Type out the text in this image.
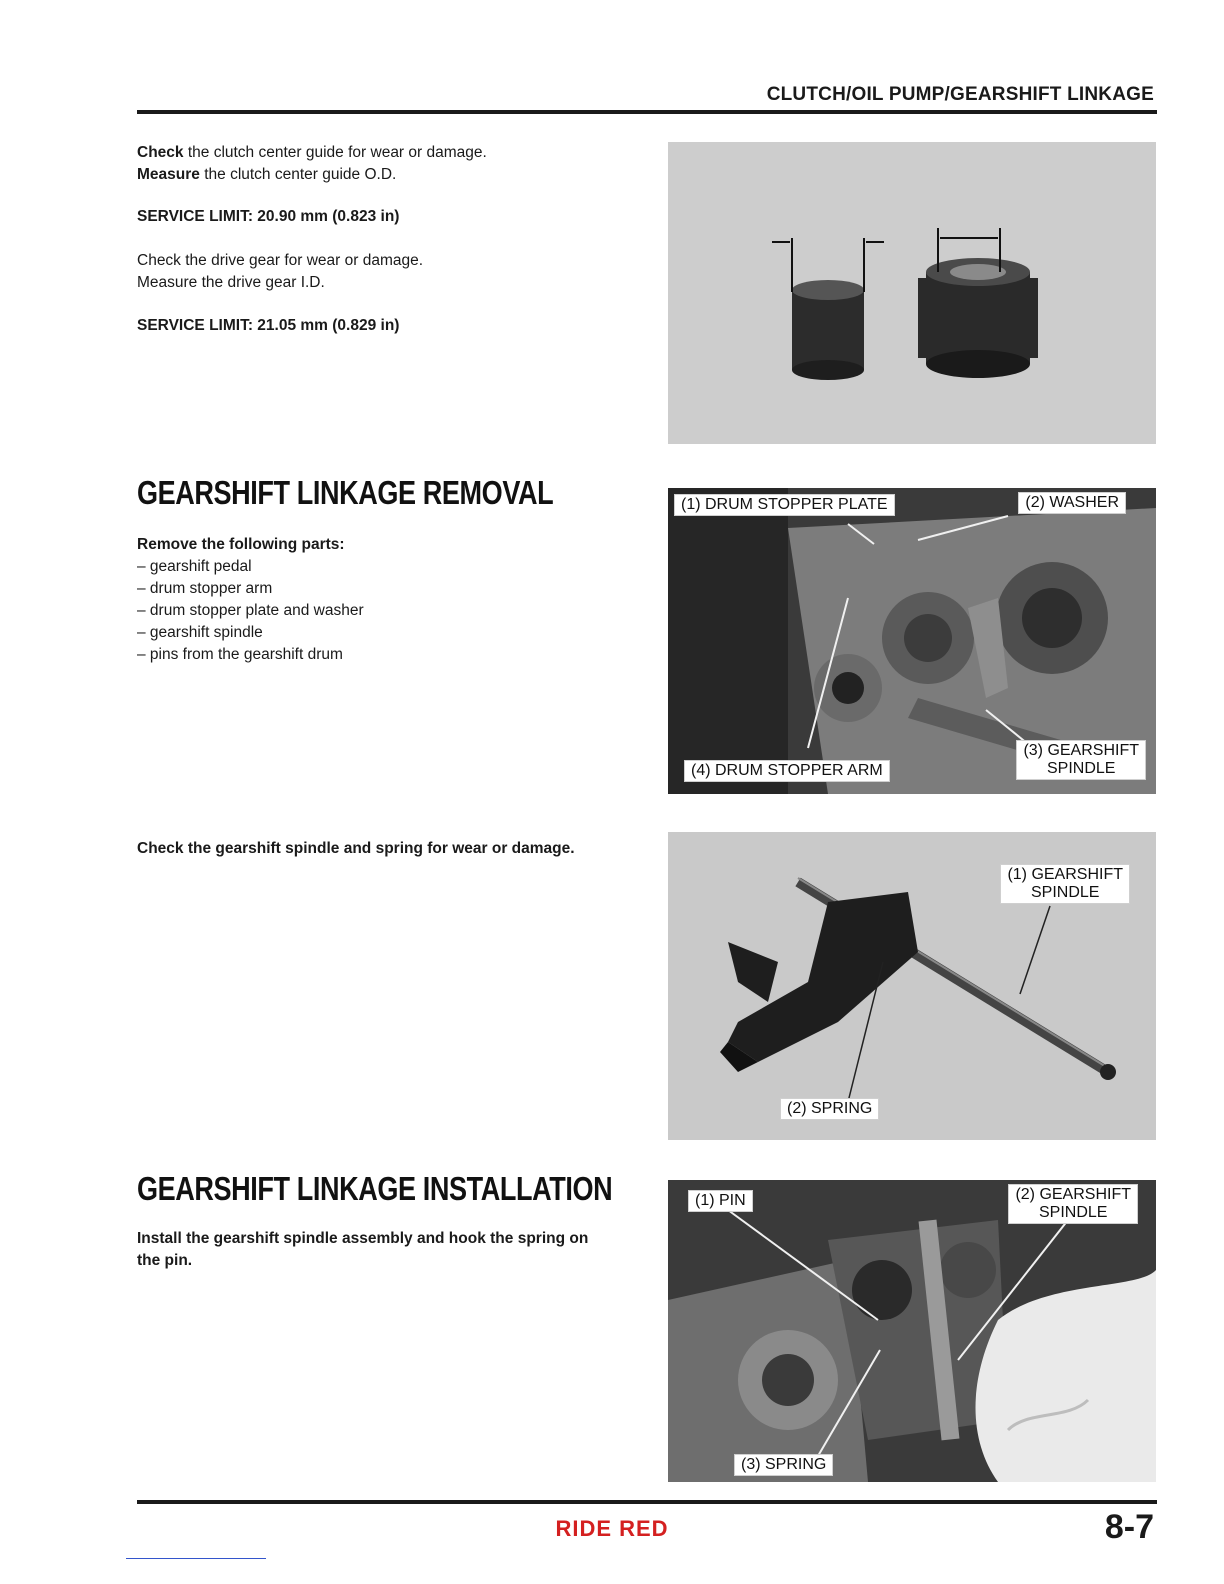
CLUTCH/OIL PUMP/GEARSHIFT LINKAGE
Check the clutch center guide for wear or damage.
Measure the clutch center guide O.D.
SERVICE LIMIT: 20.90 mm (0.823 in)
Check the drive gear for wear or damage.
Measure the drive gear I.D.
SERVICE LIMIT: 21.05 mm (0.829 in)
GEARSHIFT LINKAGE REMOVAL
Remove the following parts:
– gearshift pedal
– drum stopper arm
– drum stopper plate and washer
– gearshift spindle
– pins from the gearshift drum
(1) DRUM STOPPER PLATE	(2) WASHER
(3) GEARSHIFT
SPINDLE
(4) DRUM STOPPER ARM
Check the gearshift spindle and spring for wear or damage.
(1) GEARSHIFT
SPINDLE
(2) SPRING
GEARSHIFT LINKAGE INSTALLATION
Install the gearshift spindle assembly and hook the spring on
the pin.
(1) PIN	(2) GEARSHIFT
SPINDLE
(3) SPRING
RIDE RED	8-7
